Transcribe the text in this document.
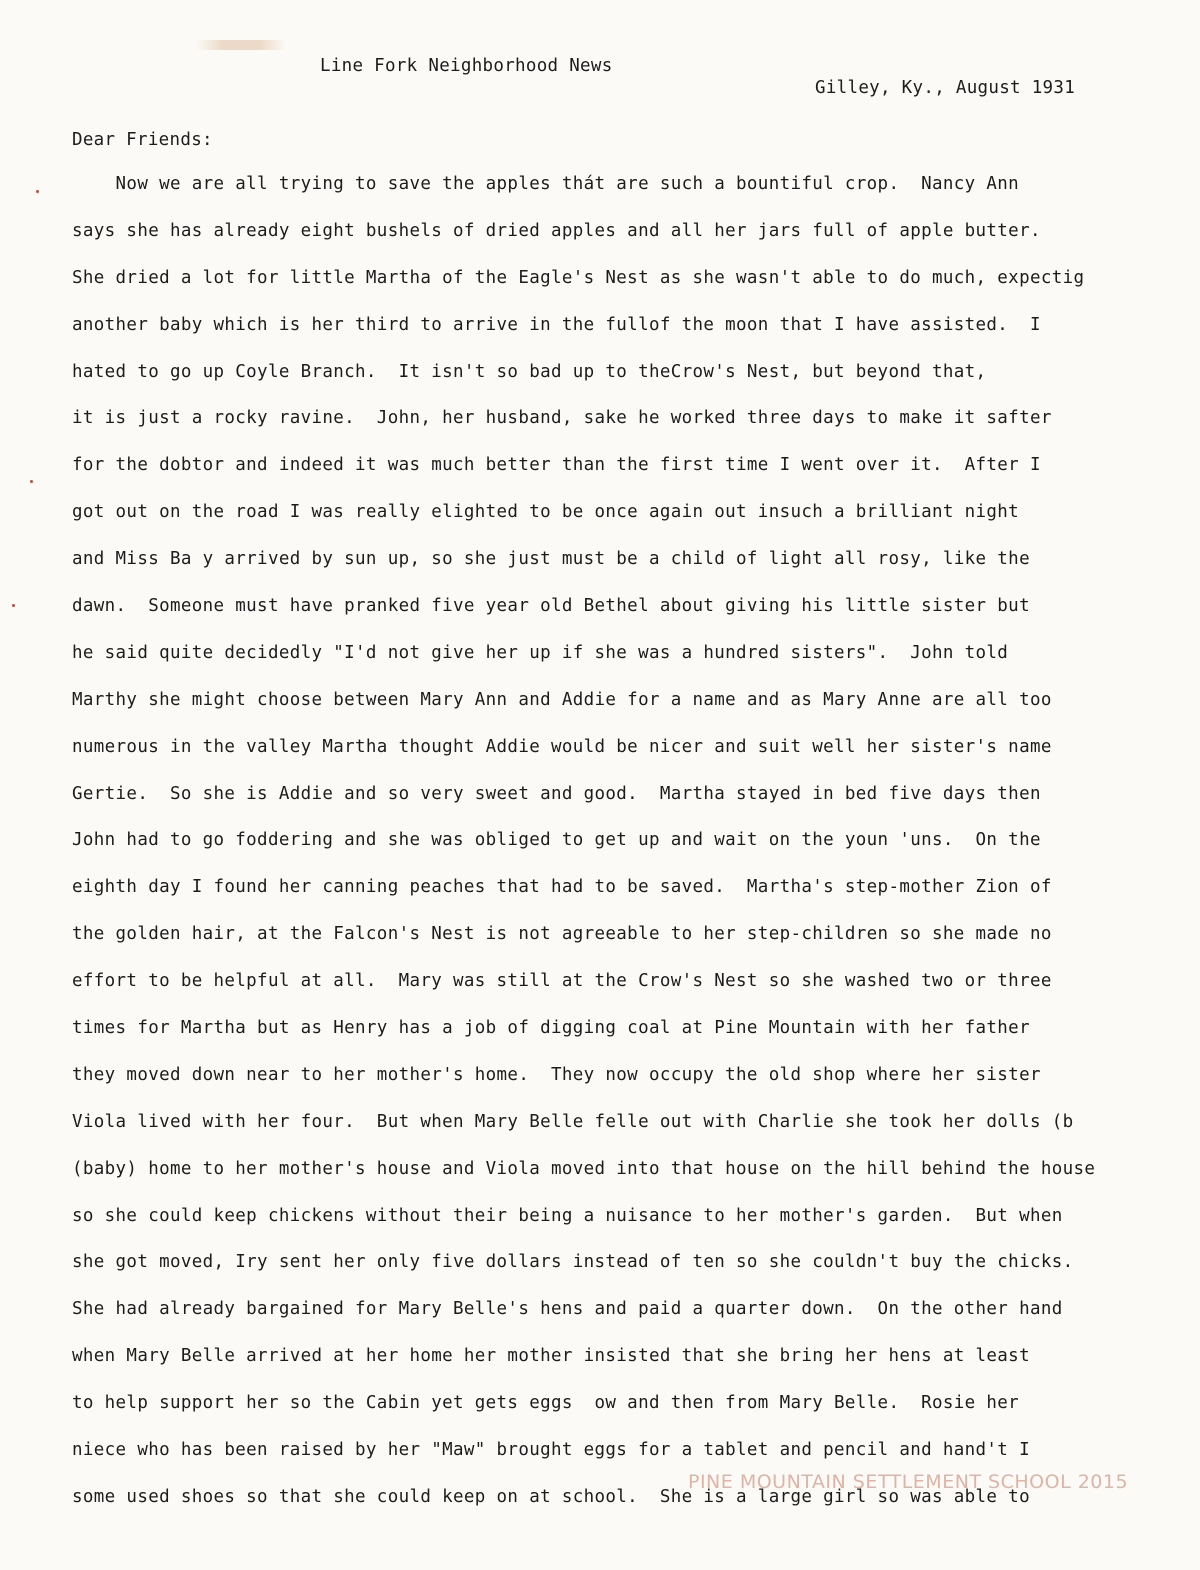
Line Fork Neighborhood News
Gilley, Ky., August 1931
Dear Friends:
Now we are all trying to save the apples thát are such a bountiful crop.  Nancy Ann
says she has already eight bushels of dried apples and all her jars full of apple butter.
She dried a lot for little Martha of the Eagle's Nest as she wasn't able to do much, expectig
another baby which is her third to arrive in the fullof the moon that I have assisted.  I
hated to go up Coyle Branch.  It isn't so bad up to theCrow's Nest, but beyond that,
it is just a rocky ravine.  John, her husband, sake he worked three days to make it safter
for the dobtor and indeed it was much better than the first time I went over it.  After I
got out on the road I was really elighted to be once again out insuch a brilliant night
and Miss Ba y arrived by sun up, so she just must be a child of light all rosy, like the
dawn.  Someone must have pranked five year old Bethel about giving his little sister but
he said quite decidedly "I'd not give her up if she was a hundred sisters".  John told
Marthy she might choose between Mary Ann and Addie for a name and as Mary Anne are all too
numerous in the valley Martha thought Addie would be nicer and suit well her sister's name
Gertie.  So she is Addie and so very sweet and good.  Martha stayed in bed five days then
John had to go foddering and she was obliged to get up and wait on the youn 'uns.  On the
eighth day I found her canning peaches that had to be saved.  Martha's step-mother Zion of
the golden hair, at the Falcon's Nest is not agreeable to her step-children so she made no
effort to be helpful at all.  Mary was still at the Crow's Nest so she washed two or three
times for Martha but as Henry has a job of digging coal at Pine Mountain with her father
they moved down near to her mother's home.  They now occupy the old shop where her sister
Viola lived with her four.  But when Mary Belle felle out with Charlie she took her dolls (b
(baby) home to her mother's house and Viola moved into that house on the hill behind the house
so she could keep chickens without their being a nuisance to her mother's garden.  But when
she got moved, Iry sent her only five dollars instead of ten so she couldn't buy the chicks.
She had already bargained for Mary Belle's hens and paid a quarter down.  On the other hand
when Mary Belle arrived at her home her mother insisted that she bring her hens at least
to help support her so the Cabin yet gets eggs  ow and then from Mary Belle.  Rosie her
niece who has been raised by her "Maw" brought eggs for a tablet and pencil and hand't I
some used shoes so that she could keep on at school.  She is a large girl so was able to
PINE MOUNTAIN SETTLEMENT SCHOOL 2015
